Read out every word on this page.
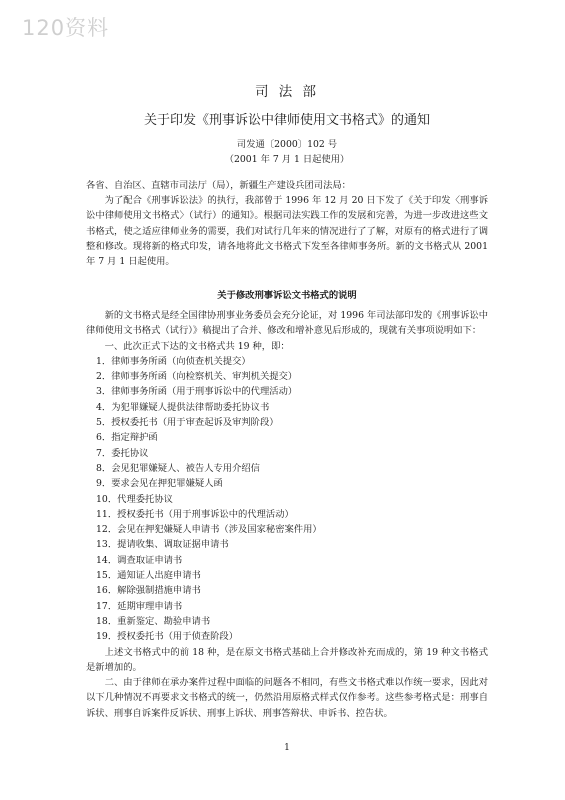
120资料
司 法 部
关于印发《刑事诉讼中律师使用文书格式》的通知
司发通〔2000〕102 号
（2001 年 7 月 1 日起使用）

各省、自治区、直辖市司法厅（局），新疆生产建设兵团司法局：

为了配合《刑事诉讼法》的执行，我部曾于 1996 年 12 月 20 日下发了《关于印发〈刑事诉讼中律师使用文书格式〉（试行）的通知》。根据司法实践工作的发展和完善，为进一步改进这些文书格式，使之适应律师业务的需要，我们对试行几年来的情况进行了了解，对原有的格式进行了调整和修改。现将新的格式印发，请各地将此文书格式下发至各律师事务所。新的文书格式从 2001 年 7 月 1 日起使用。

关于修改刑事诉讼文书格式的说明

新的文书格式是经全国律协刑事业务委员会充分论证，对 1996 年司法部印发的《刑事诉讼中律师使用文书格式（试行）》稿提出了合并、修改和增补意见后形成的，现就有关事项说明如下：

一、此次正式下达的文书格式共 19 种，即：

1．律师事务所函（向侦查机关提交）
2．律师事务所函（向检察机关、审判机关提交）
3．律师事务所函（用于刑事诉讼中的代理活动）
4．为犯罪嫌疑人提供法律帮助委托协议书
5．授权委托书（用于审查起诉及审判阶段）
6．指定辩护函
7．委托协议
8．会见犯罪嫌疑人、被告人专用介绍信
9．要求会见在押犯罪嫌疑人函
10．代理委托协议
11．授权委托书（用于刑事诉讼中的代理活动）
12．会见在押犯嫌疑人申请书（涉及国家秘密案件用）
13．提请收集、调取证据申请书
14．调查取证申请书
15．通知证人出庭申请书
16．解除强制措施申请书
17．延期审理申请书
18．重新鉴定、勘验申请书
19．授权委托书（用于侦查阶段）

上述文书格式中的前 18 种，是在原文书格式基础上合并修改补充而成的，第 19 种文书格式是新增加的。

二、由于律师在承办案件过程中面临的问题各不相同，有些文书格式难以作统一要求，因此对以下几种情况不再要求文书格式的统一，仍然沿用原格式样式仅作参考。这些参考格式是：刑事自诉状、刑事自诉案件反诉状、刑事上诉状、刑事答辩状、申诉书、控告状。

1
